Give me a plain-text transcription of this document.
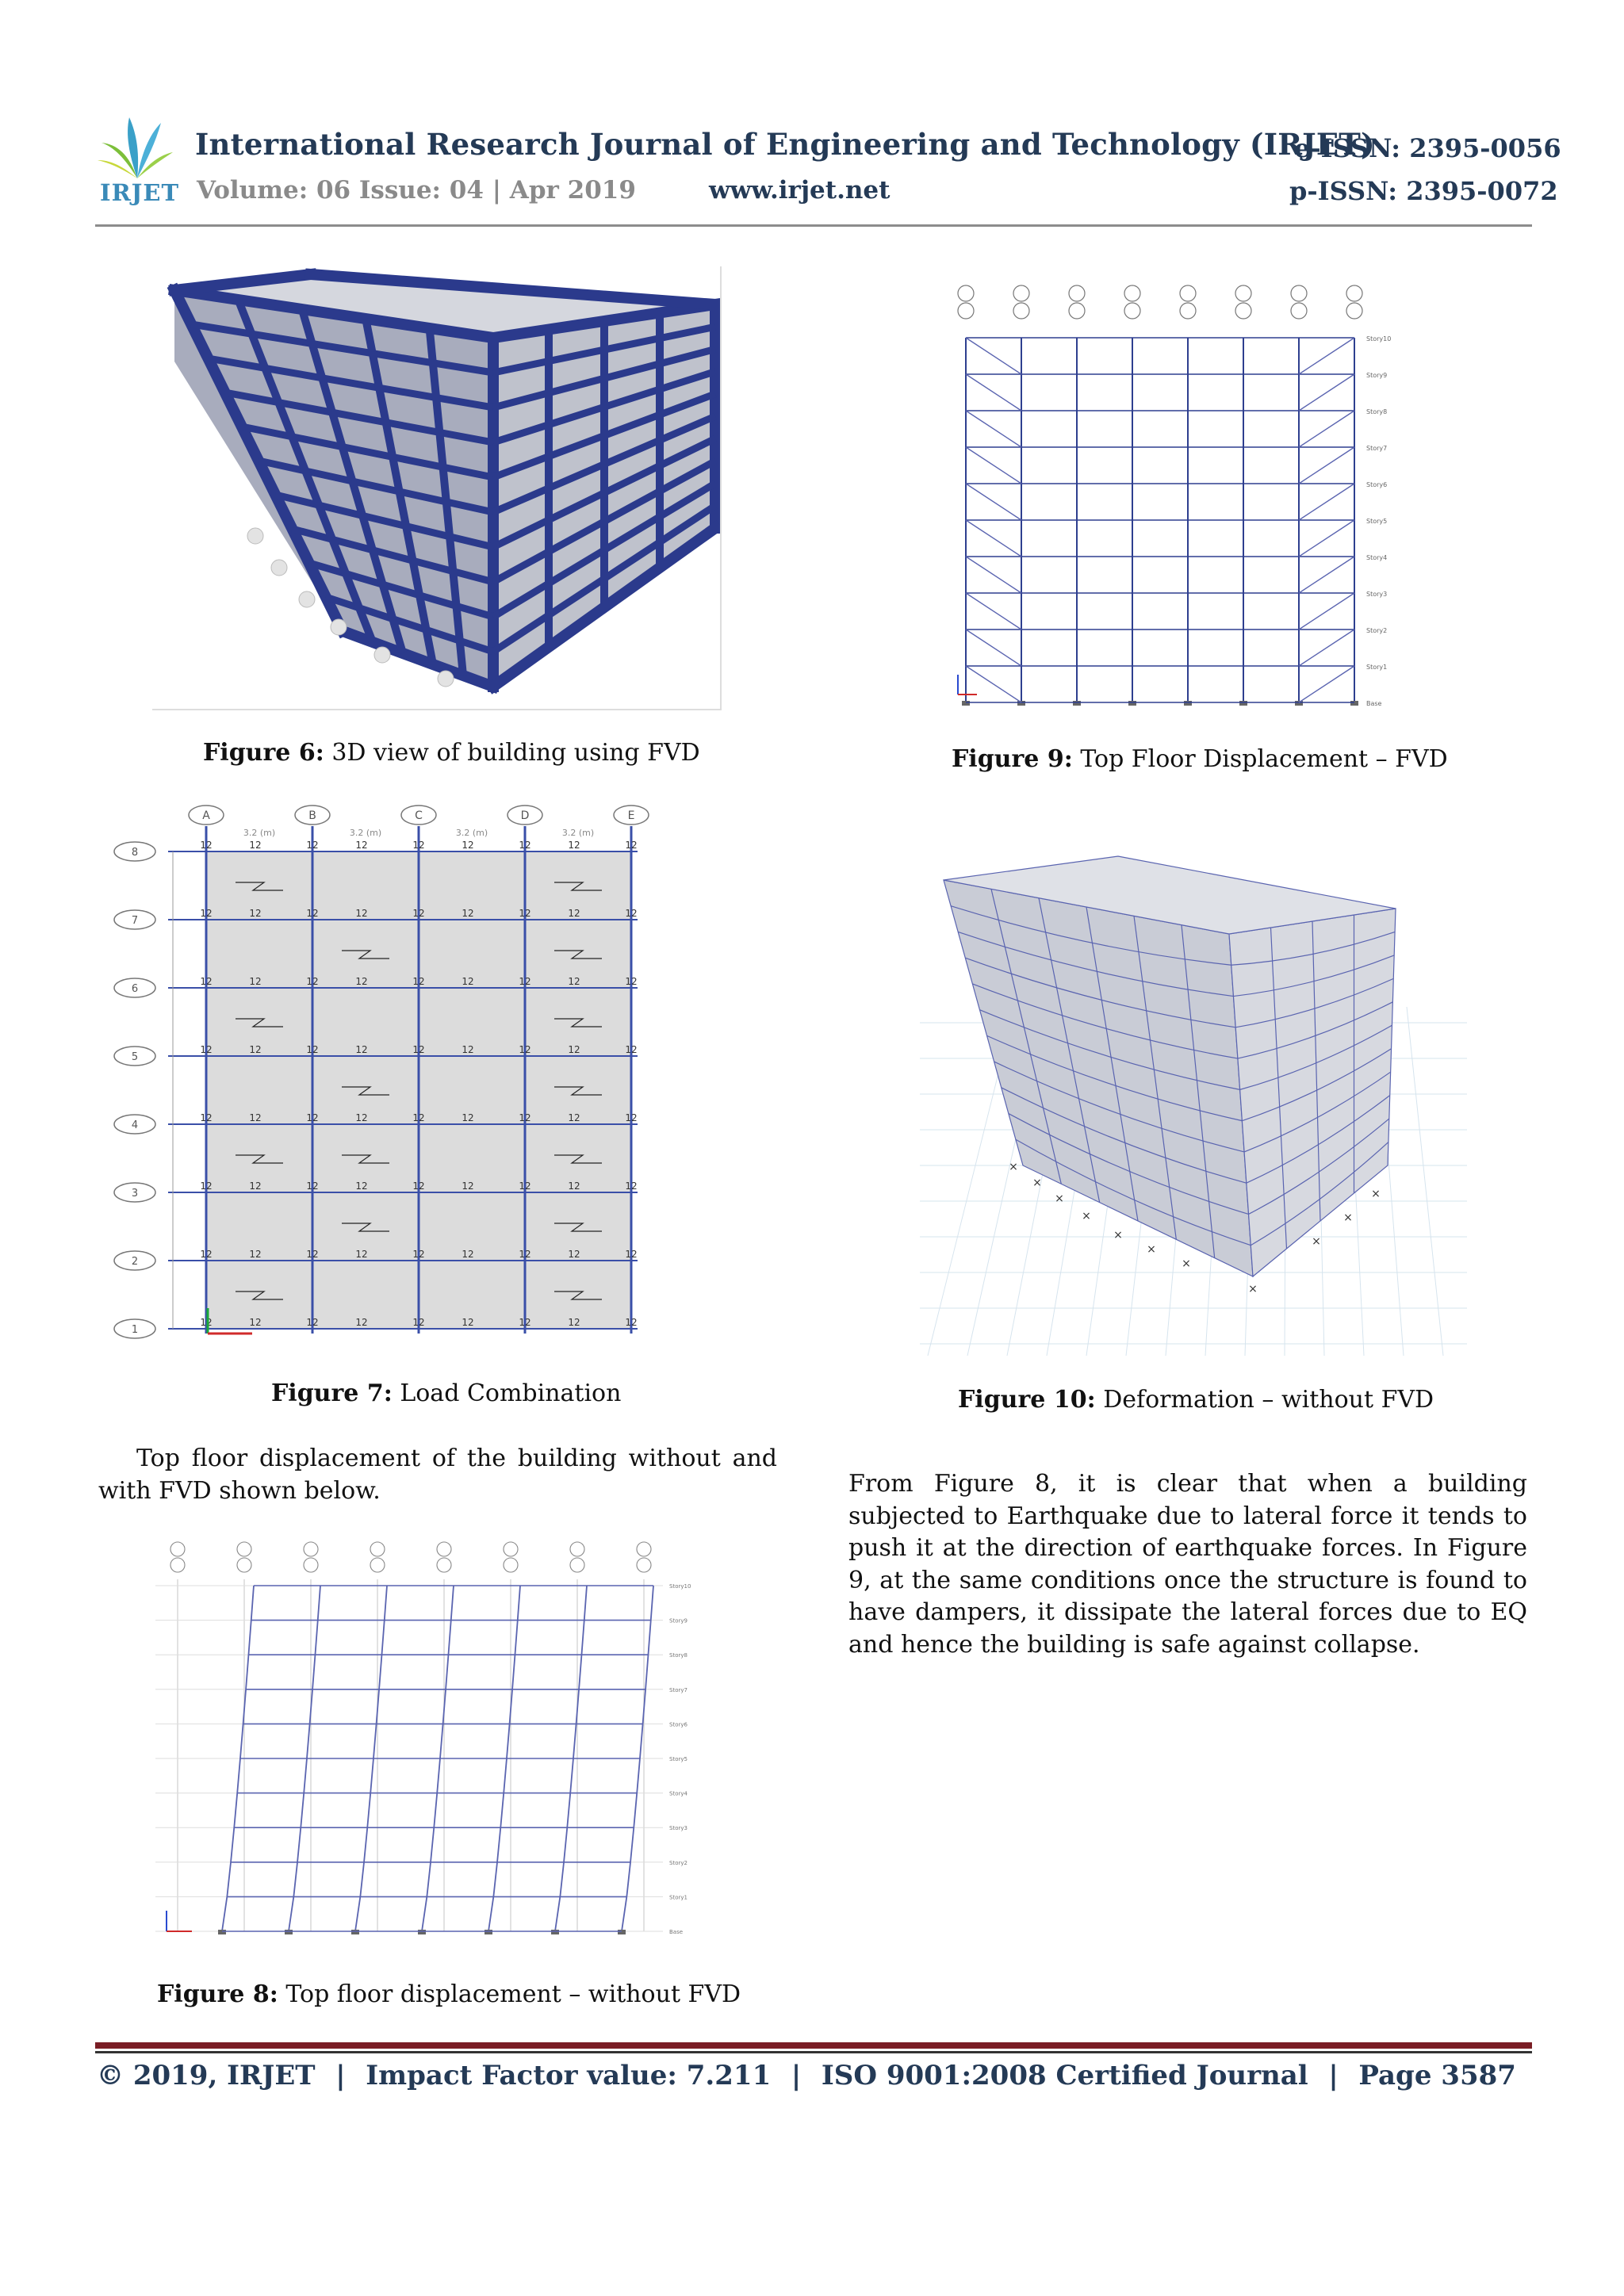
IRJET
International Research Journal of Engineering and Technology (IRJET)
e-ISSN: 2395-0056
p-ISSN: 2395-0072
Volume: 06 Issue: 04 | Apr 2019	www.irjet.net
Figure 6: 3D view of building using FVD
Story10
Story9
Story8
Story7
Story6
Story5
Story4
Story3
Story2
Story1
Base
Figure 9: Top Floor Displacement – FVD
A	B	C	D	E
3.2 (m)	3.2 (m)	3.2 (m)	3.2 (m)
8
7
6
5
4
3
2
1
12	12	12	12
12	12	12	12	12
12	12	12	12
12	12	12	12	12
12	12	12	12
12	12	12	12	12
12	12	12	12
12	12	12	12	12
12	12	12	12
12	12	12	12	12
12	12	12	12
12	12	12	12	12
12	12	12	12
12	12	12	12	12
12	12	12	12
12	12	12	12	12
Figure 7: Load Combination
×
×
×
×
×
×
×
×
×
×
×
Figure 10: Deformation – without FVD
Top floor displacement of the building without and with FVD shown below.	From Figure 8, it is clear that when a building subjected to Earthquake due to lateral force it tends to push it at the direction of earthquake forces. In Figure 9, at the same conditions once the structure is found to have dampers, it dissipate the lateral forces due to EQ and hence the building is safe against collapse.
Story10
Story9
Story8
Story7
Story6
Story5
Story4
Story3
Story2
Story1
Base
Figure 8: Top floor displacement – without FVD
© 2019, IRJET | Impact Factor value: 7.211 | ISO 9001:2008 Certified Journal | Page 3587
